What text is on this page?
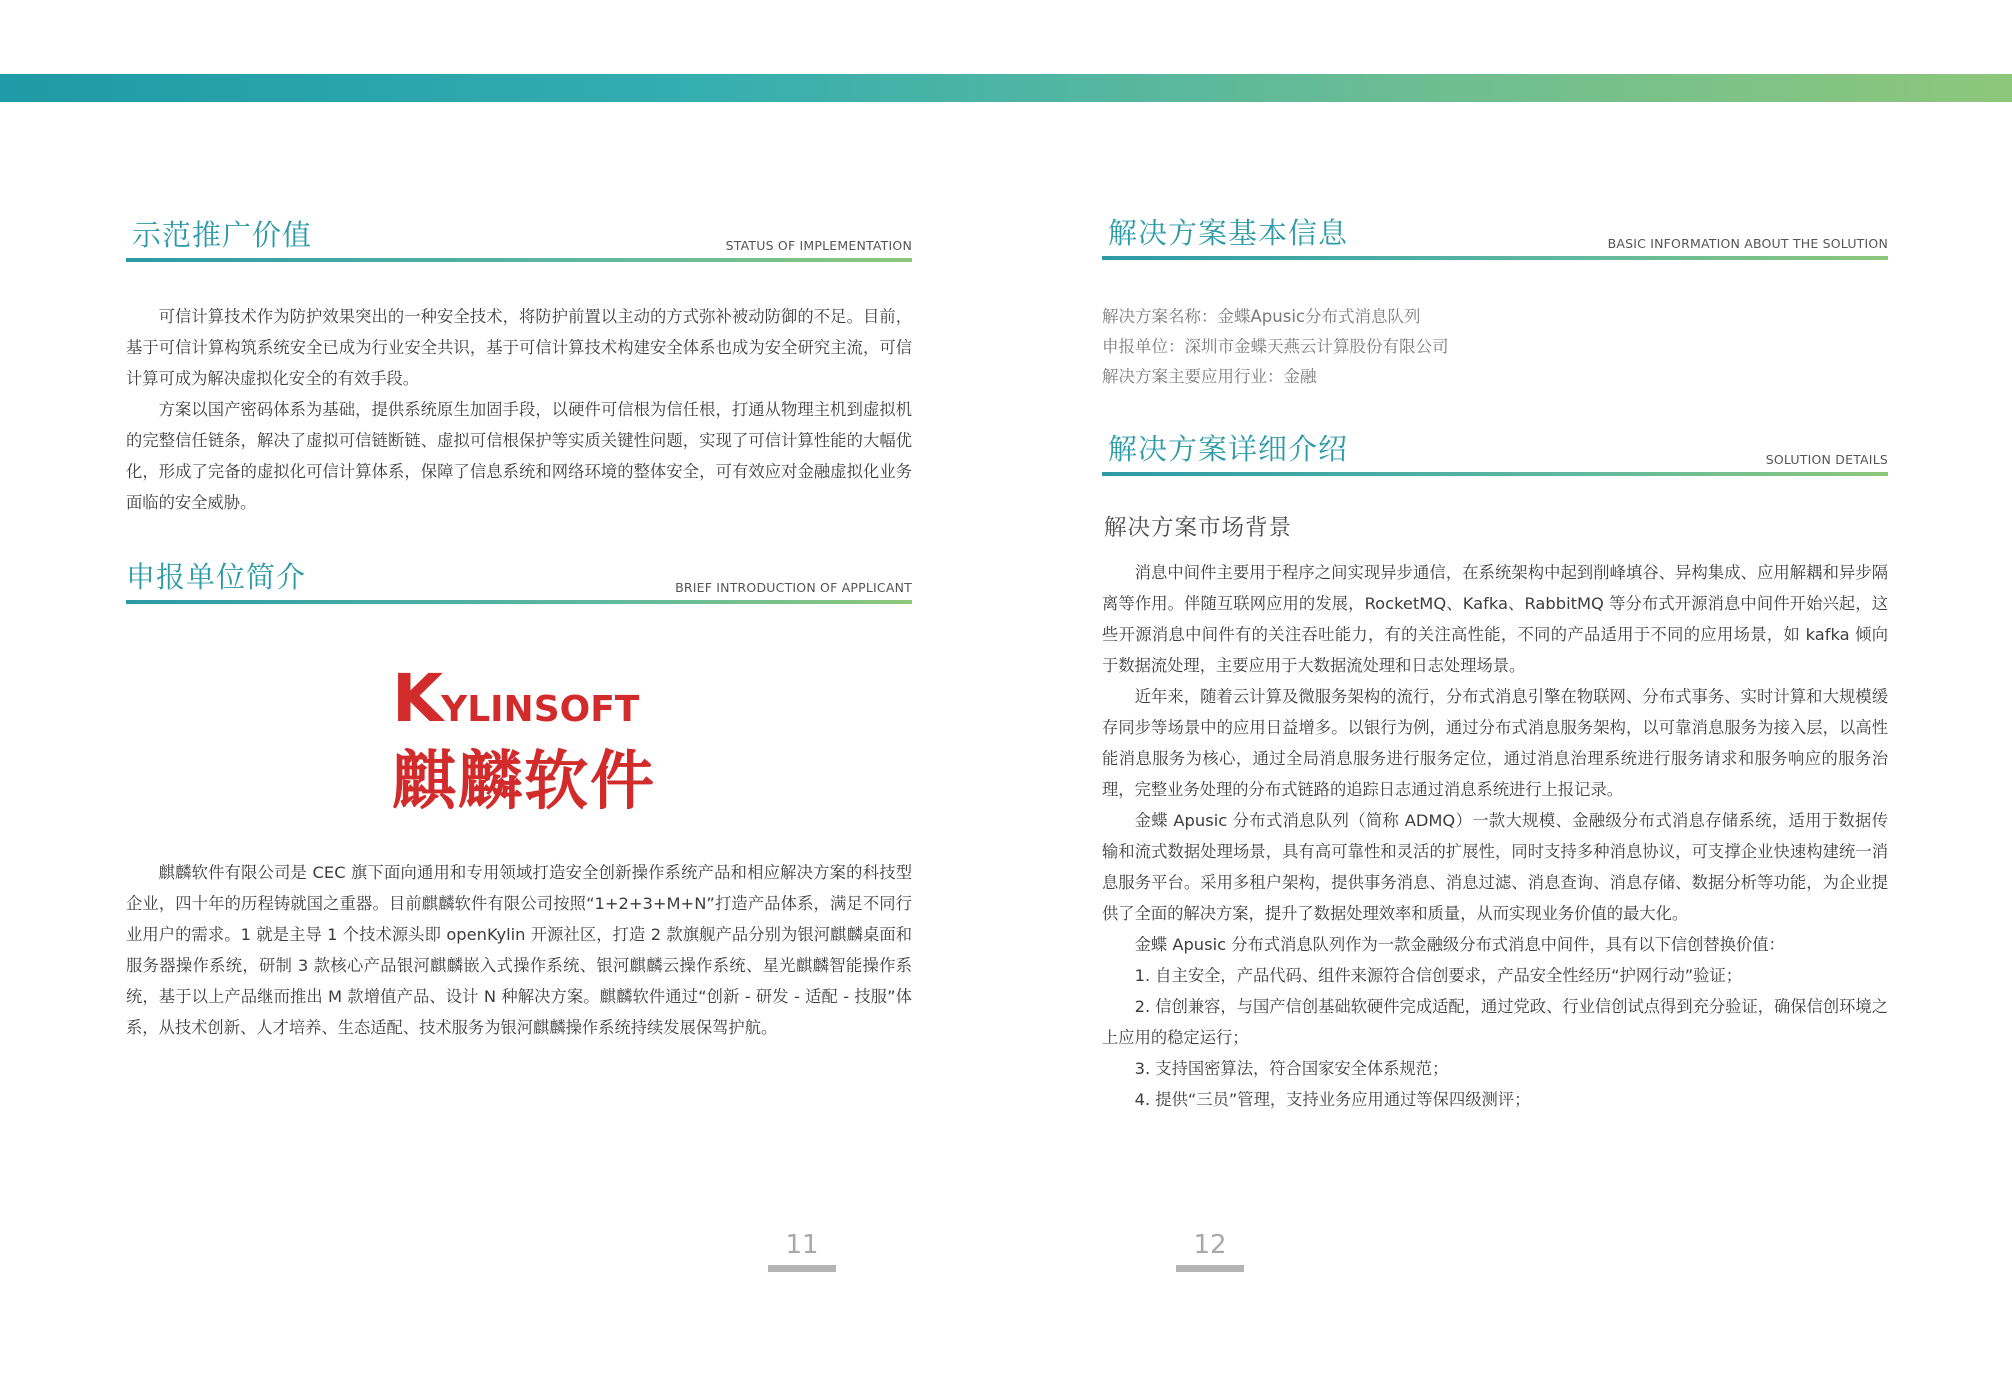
示范推广价值	STATUS OF IMPLEMENTATION

可信计算技术作为防护效果突出的一种安全技术，将防护前置以主动的方式弥补被动防御的不足。目前，基于可信计算构筑系统安全已成为行业安全共识，基于可信计算技术构建安全体系也成为安全研究主流，可信计算可成为解决虚拟化安全的有效手段。

方案以国产密码体系为基础，提供系统原生加固手段，以硬件可信根为信任根，打通从物理主机到虚拟机的完整信任链条，解决了虚拟可信链断链、虚拟可信根保护等实质关键性问题，实现了可信计算性能的大幅优化，形成了完备的虚拟化可信计算体系，保障了信息系统和网络环境的整体安全，可有效应对金融虚拟化业务面临的安全威胁。

申报单位简介	BRIEF INTRODUCTION OF APPLICANT
KYLINSOFT
麒麟软件

麒麟软件有限公司是 CEC 旗下面向通用和专用领域打造安全创新操作系统产品和相应解决方案的科技型企业，四十年的历程铸就国之重器。目前麒麟软件有限公司按照“1+2+3+M+N”打造产品体系，满足不同行业用户的需求。1 就是主导 1 个技术源头即 openKylin 开源社区，打造 2 款旗舰产品分别为银河麒麟桌面和服务器操作系统，研制 3 款核心产品银河麒麟嵌入式操作系统、银河麒麟云操作系统、星光麒麟智能操作系统，基于以上产品继而推出 M 款增值产品、设计 N 种解决方案。麒麟软件通过“创新 - 研发 - 适配 - 技服”体系，从技术创新、人才培养、生态适配、技术服务为银河麒麟操作系统持续发展保驾护航。

11
解决方案基本信息	BASIC INFORMATION ABOUT THE SOLUTION
解决方案名称：金蝶Apusic分布式消息队列
申报单位：深圳市金蝶天燕云计算股份有限公司
解决方案主要应用行业：金融
解决方案详细介绍	SOLUTION DETAILS
解决方案市场背景

消息中间件主要用于程序之间实现异步通信，在系统架构中起到削峰填谷、异构集成、应用解耦和异步隔离等作用。伴随互联网应用的发展，RocketMQ、Kafka、RabbitMQ 等分布式开源消息中间件开始兴起，这些开源消息中间件有的关注吞吐能力，有的关注高性能，不同的产品适用于不同的应用场景，如 kafka 倾向于数据流处理，主要应用于大数据流处理和日志处理场景。

近年来，随着云计算及微服务架构的流行，分布式消息引擎在物联网、分布式事务、实时计算和大规模缓存同步等场景中的应用日益增多。以银行为例，通过分布式消息服务架构，以可靠消息服务为接入层，以高性能消息服务为核心，通过全局消息服务进行服务定位，通过消息治理系统进行服务请求和服务响应的服务治理，完整业务处理的分布式链路的追踪日志通过消息系统进行上报记录。

金蝶 Apusic 分布式消息队列（简称 ADMQ）一款大规模、金融级分布式消息存储系统，适用于数据传输和流式数据处理场景，具有高可靠性和灵活的扩展性，同时支持多种消息协议，可支撑企业快速构建统一消息服务平台。采用多租户架构，提供事务消息、消息过滤、消息查询、消息存储、数据分析等功能，为企业提供了全面的解决方案，提升了数据处理效率和质量，从而实现业务价值的最大化。

金蝶 Apusic 分布式消息队列作为一款金融级分布式消息中间件，具有以下信创替换价值：

1. 自主安全，产品代码、组件来源符合信创要求，产品安全性经历“护网行动”验证；

2. 信创兼容，与国产信创基础软硬件完成适配，通过党政、行业信创试点得到充分验证，确保信创环境之上应用的稳定运行；

3. 支持国密算法，符合国家安全体系规范；

4. 提供“三员”管理，支持业务应用通过等保四级测评；

12
